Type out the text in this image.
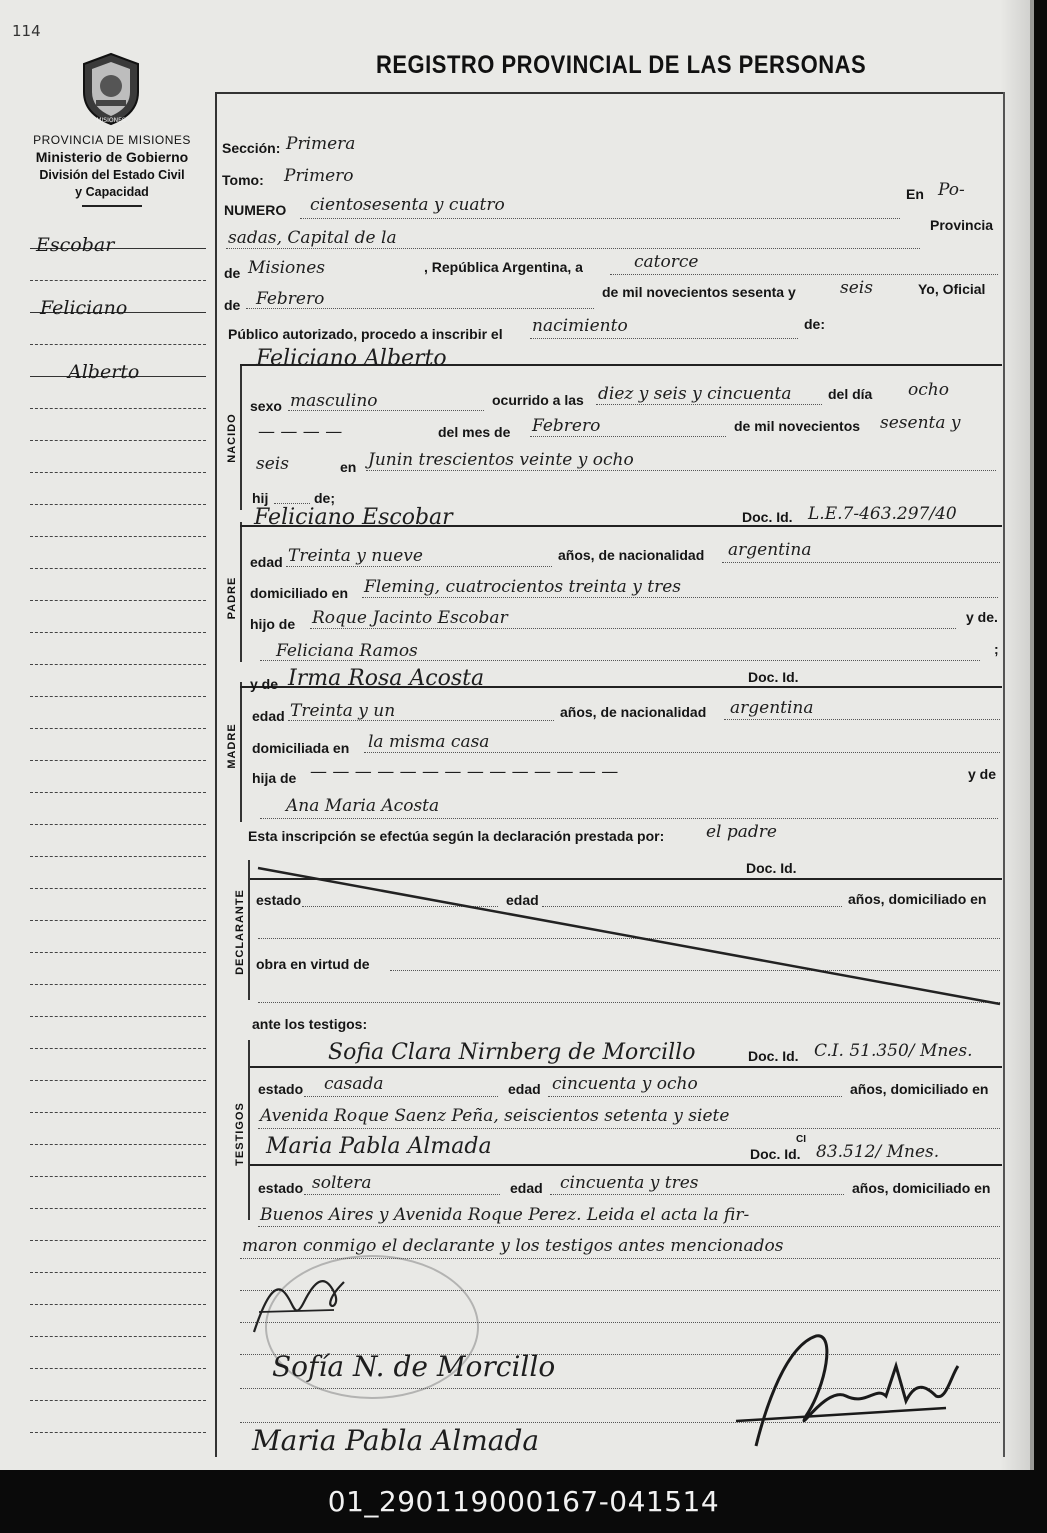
114
MISIONES
PROVINCIA DE MISIONES
Ministerio de Gobierno
División del Estado Civil
y Capacidad
REGISTRO PROVINCIAL DE LAS PERSONAS
Escobar
Feliciano
Alberto
Sección: Primera
Tomo: Primero
NUMERO cientosesenta y cuatro
En Po-
sadas, Capital de la
Provincia
de Misiones	, República Argentina, a	catorce
de Febrero	de mil novecientos sesenta y	seis	Yo, Oficial
Público autorizado, procedo a inscribir el nacimiento	de:
NACIDO
Feliciano Alberto
sexo masculino	ocurrido a las diez y seis y cincuenta	del día ocho
— — — —	del mes de Febrero	de mil novecientos sesenta y
seis	en Junin trescientos veinte y ocho
hij	de;
PADRE
Feliciano Escobar	Doc. Id. L.E.7-463.297/40
edad Treinta y nueve	años, de nacionalidad argentina
domiciliado en Fleming, cuatrocientos treinta y tres
hijo de Roque Jacinto Escobar	y de.
Feliciana Ramos	;
MADRE
y de Irma Rosa Acosta	Doc. Id.
edad Treinta y un	años, de nacionalidad argentina
domiciliada en la misma casa
hija de — — — — — — — — — — — — — —	y de
Ana Maria Acosta
Esta inscripción se efectúa según la declaración prestada por: el padre
DECLARANTE
Doc. Id.
estado	edad	años, domiciliado en
obra en virtud de
ante los testigos:
TESTIGOS
Sofia Clara Nirnberg de Morcillo	Doc. Id. C.I. 51.350/ Mnes.
estado casada	edad cincuenta y ocho	años, domiciliado en
Avenida Roque Saenz Peña, seiscientos setenta y siete
Maria Pabla Almada	Doc. Id.
CI
83.512/ Mnes.
estado soltera	edad cincuenta y tres	años, domiciliado en
Buenos Aires y Avenida Roque Perez. Leida el acta la fir-
maron conmigo el declarante y los testigos antes mencionados
Sofía N. de Morcillo
Maria Pabla Almada
01_290119000167-041514
